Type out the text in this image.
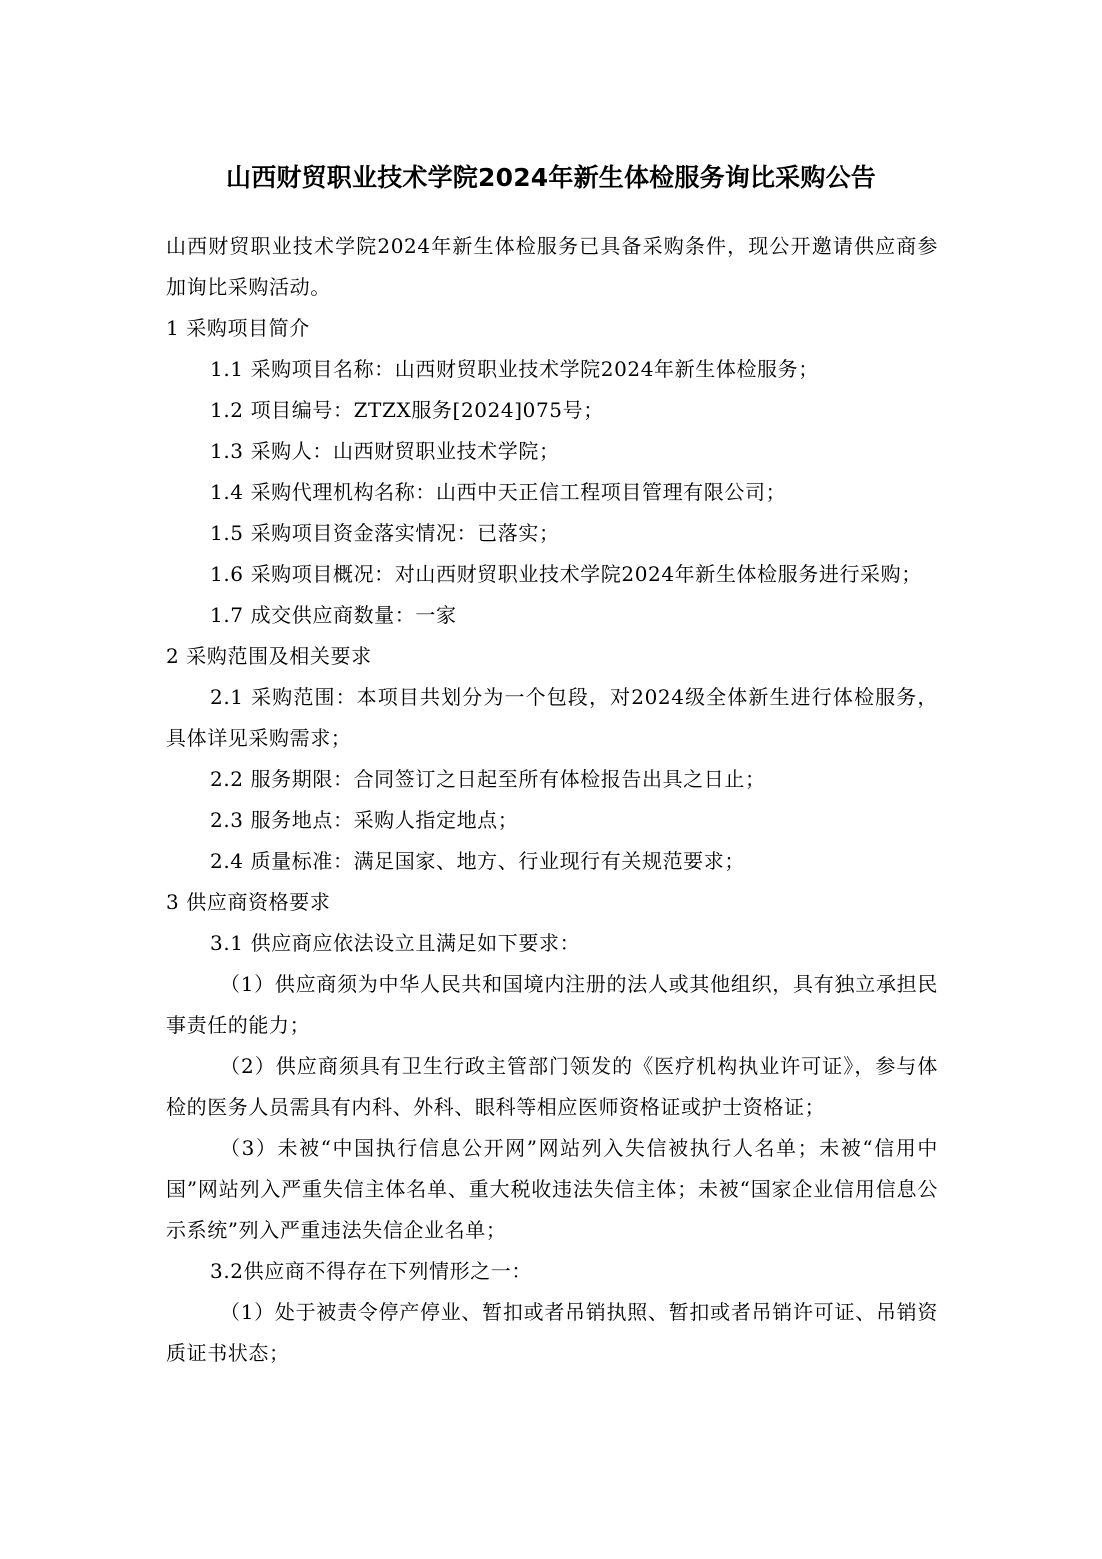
山西财贸职业技术学院2024年新生体检服务询比采购公告

山西财贸职业技术学院2024年新生体检服务已具备采购条件，现公开邀请供应商参加询比采购活动。

1 采购项目简介

1.1 采购项目名称：山西财贸职业技术学院2024年新生体检服务；

1.2 项目编号：ZTZX服务[2024]075号；

1.3 采购人：山西财贸职业技术学院；

1.4 采购代理机构名称：山西中天正信工程项目管理有限公司；

1.5 采购项目资金落实情况：已落实；

1.6 采购项目概况：对山西财贸职业技术学院2024年新生体检服务进行采购；

1.7 成交供应商数量：一家

2 采购范围及相关要求

2.1 采购范围：本项目共划分为一个包段，对2024级全体新生进行体检服务，具体详见采购需求；

2.2 服务期限：合同签订之日起至所有体检报告出具之日止；

2.3 服务地点：采购人指定地点；

2.4 质量标准：满足国家、地方、行业现行有关规范要求；

3 供应商资格要求

3.1 供应商应依法设立且满足如下要求：

（1）供应商须为中华人民共和国境内注册的法人或其他组织，具有独立承担民事责任的能力；

（2）供应商须具有卫生行政主管部门领发的《医疗机构执业许可证》，参与体检的医务人员需具有内科、外科、眼科等相应医师资格证或护士资格证；

（3）未被“中国执行信息公开网”网站列入失信被执行人名单；未被“信用中国”网站列入严重失信主体名单、重大税收违法失信主体；未被“国家企业信用信息公示系统”列入严重违法失信企业名单；

3.2供应商不得存在下列情形之一：

（1）处于被责令停产停业、暂扣或者吊销执照、暂扣或者吊销许可证、吊销资质证书状态；
